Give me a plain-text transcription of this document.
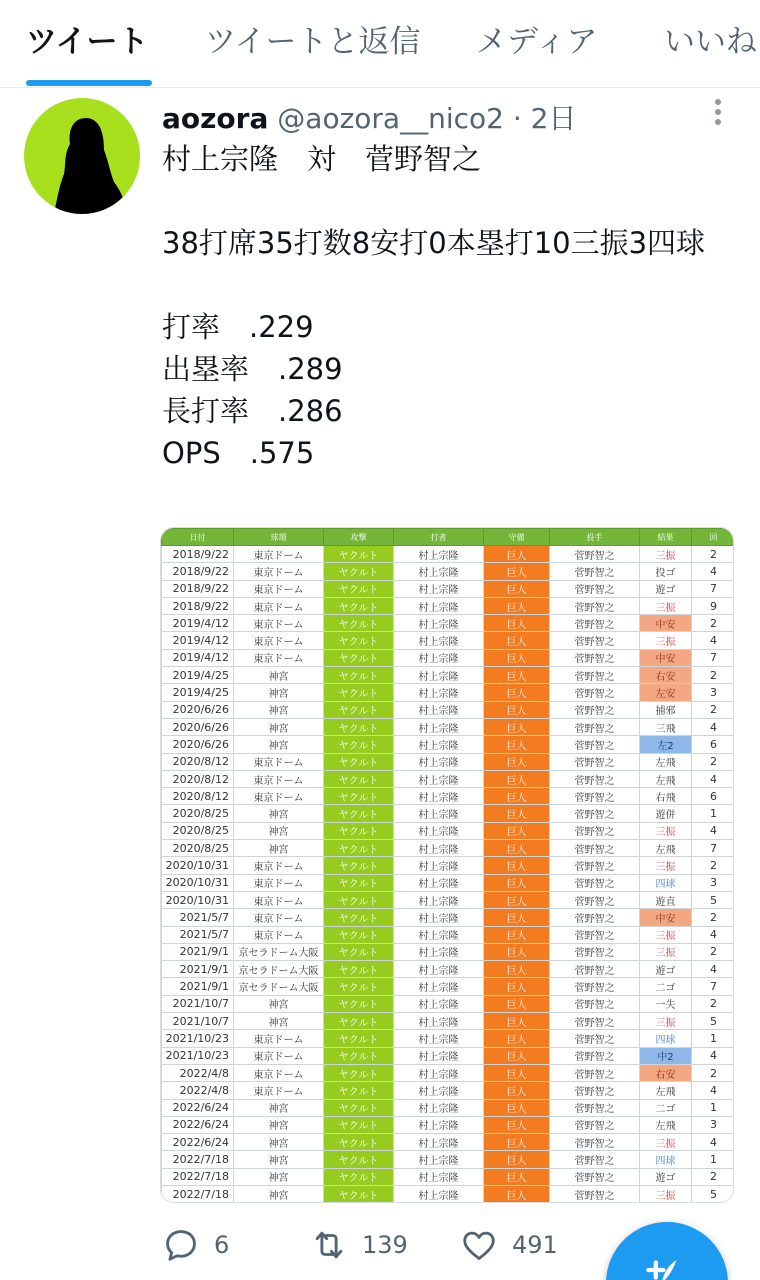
ツイート ツイートと返信 メディア いいね
aozora @aozora__nico2 · 2日
村上宗隆　対　菅野智之

38打席35打数8安打0本塁打10三振3四球

打率　.229
出塁率　.289
長打率　.286
OPS　.575
日付	球場	攻撃	打者	守備	投手	結果	回
2018/9/22	東京ドーム	ヤクルト	村上宗隆	巨人	菅野智之	三振	2
2018/9/22	東京ドーム	ヤクルト	村上宗隆	巨人	菅野智之	投ゴ	4
2018/9/22	東京ドーム	ヤクルト	村上宗隆	巨人	菅野智之	遊ゴ	7
2018/9/22	東京ドーム	ヤクルト	村上宗隆	巨人	菅野智之	三振	9
2019/4/12	東京ドーム	ヤクルト	村上宗隆	巨人	菅野智之	中安	2
2019/4/12	東京ドーム	ヤクルト	村上宗隆	巨人	菅野智之	三振	4
2019/4/12	東京ドーム	ヤクルト	村上宗隆	巨人	菅野智之	中安	7
2019/4/25	神宮	ヤクルト	村上宗隆	巨人	菅野智之	右安	2
2019/4/25	神宮	ヤクルト	村上宗隆	巨人	菅野智之	左安	3
2020/6/26	神宮	ヤクルト	村上宗隆	巨人	菅野智之	捕邪	2
2020/6/26	神宮	ヤクルト	村上宗隆	巨人	菅野智之	三飛	4
2020/6/26	神宮	ヤクルト	村上宗隆	巨人	菅野智之	左2	6
2020/8/12	東京ドーム	ヤクルト	村上宗隆	巨人	菅野智之	左飛	2
2020/8/12	東京ドーム	ヤクルト	村上宗隆	巨人	菅野智之	左飛	4
2020/8/12	東京ドーム	ヤクルト	村上宗隆	巨人	菅野智之	右飛	6
2020/8/25	神宮	ヤクルト	村上宗隆	巨人	菅野智之	遊併	1
2020/8/25	神宮	ヤクルト	村上宗隆	巨人	菅野智之	三振	4
2020/8/25	神宮	ヤクルト	村上宗隆	巨人	菅野智之	左飛	7
2020/10/31	東京ドーム	ヤクルト	村上宗隆	巨人	菅野智之	三振	2
2020/10/31	東京ドーム	ヤクルト	村上宗隆	巨人	菅野智之	四球	3
2020/10/31	東京ドーム	ヤクルト	村上宗隆	巨人	菅野智之	遊直	5
2021/5/7	東京ドーム	ヤクルト	村上宗隆	巨人	菅野智之	中安	2
2021/5/7	東京ドーム	ヤクルト	村上宗隆	巨人	菅野智之	三振	4
2021/9/1	京セラドーム大阪	ヤクルト	村上宗隆	巨人	菅野智之	三振	2
2021/9/1	京セラドーム大阪	ヤクルト	村上宗隆	巨人	菅野智之	遊ゴ	4
2021/9/1	京セラドーム大阪	ヤクルト	村上宗隆	巨人	菅野智之	二ゴ	7
2021/10/7	神宮	ヤクルト	村上宗隆	巨人	菅野智之	一失	2
2021/10/7	神宮	ヤクルト	村上宗隆	巨人	菅野智之	三振	5
2021/10/23	東京ドーム	ヤクルト	村上宗隆	巨人	菅野智之	四球	1
2021/10/23	東京ドーム	ヤクルト	村上宗隆	巨人	菅野智之	中2	4
2022/4/8	東京ドーム	ヤクルト	村上宗隆	巨人	菅野智之	右安	2
2022/4/8	東京ドーム	ヤクルト	村上宗隆	巨人	菅野智之	左飛	4
2022/6/24	神宮	ヤクルト	村上宗隆	巨人	菅野智之	二ゴ	1
2022/6/24	神宮	ヤクルト	村上宗隆	巨人	菅野智之	左飛	3
2022/6/24	神宮	ヤクルト	村上宗隆	巨人	菅野智之	三振	4
2022/7/18	神宮	ヤクルト	村上宗隆	巨人	菅野智之	四球	1
2022/7/18	神宮	ヤクルト	村上宗隆	巨人	菅野智之	遊ゴ	2
2022/7/18	神宮	ヤクルト	村上宗隆	巨人	菅野智之	三振	5
6	139	491
